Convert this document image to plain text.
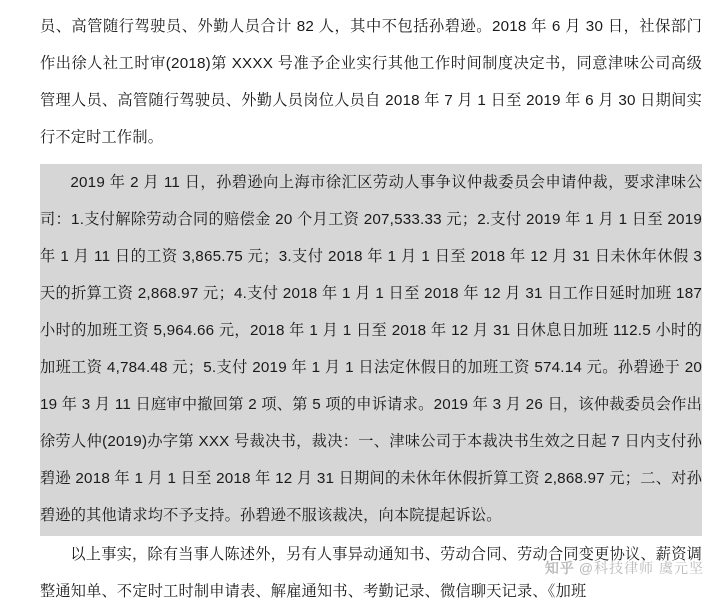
员、高管随行驾驶员、外勤人员合计 82 人，其中不包括孙碧逊。2018 年 6 月 30 日，社保部门作出徐人社工时审(2018)第 XXXX 号准予企业实行其他工作时间制度决定书，同意津味公司高级管理人员、高管随行驾驶员、外勤人员岗位人员自 2018 年 7 月 1 日至 2019 年 6 月 30 日期间实行不定时工作制。

2019 年 2 月 11 日，孙碧逊向上海市徐汇区劳动人事争议仲裁委员会申请仲裁，要求津味公司：1.支付解除劳动合同的赔偿金 20 个月工资 207,533.33 元；2.支付 2019 年 1 月 1 日至 2019 年 1 月 11 日的工资 3,865.75 元；3.支付 2018 年 1 月 1 日至 2018 年 12 月 31 日未休年休假 3 天的折算工资 2,868.97 元；4.支付 2018 年 1 月 1 日至 2018 年 12 月 31 日工作日延时加班 187 小时的加班工资 5,964.66 元，2018 年 1 月 1 日至 2018 年 12 月 31 日休息日加班 112.5 小时的加班工资 4,784.48 元；5.支付 2019 年 1 月 1 日法定休假日的加班工资 574.14 元。孙碧逊于 2019 年 3 月 11 日庭审中撤回第 2 项、第 5 项的申诉请求。2019 年 3 月 26 日，该仲裁委员会作出徐劳人仲(2019)办字第 XXX 号裁决书，裁决：一、津味公司于本裁决书生效之日起 7 日内支付孙碧逊 2018 年 1 月 1 日至 2018 年 12 月 31 日期间的未休年休假折算工资 2,868.97 元；二、对孙碧逊的其他请求均不予支持。孙碧逊不服该裁决，向本院提起诉讼。

以上事实，除有当事人陈述外，另有人事异动通知书、劳动合同、劳动合同变更协议、薪资调整通知单、不定时工时制申请表、解雇通知书、考勤记录、微信聊天记录、《加班

知乎 @科技律师 虞元坚
